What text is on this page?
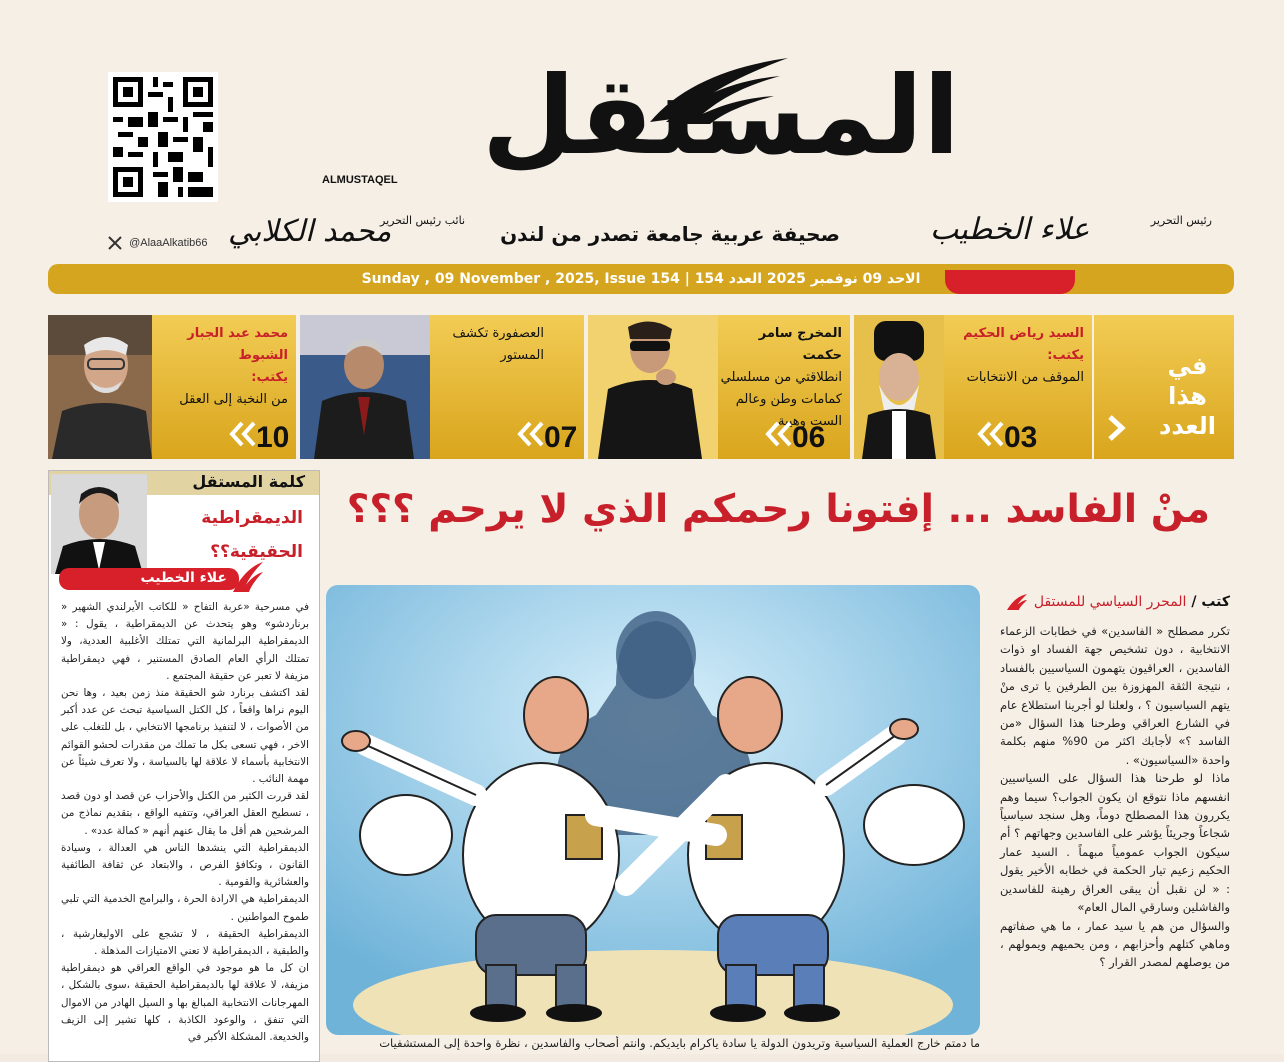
المستقل
ALMUSTAQEL
رئيس التحرير
علاء الخطيب
نائب رئيس التحرير
محمد الكلابي	صحيفة عربية جامعة تصدر من لندن
@AlaaAlkatib66
Sunday , 09 November , 2025, Issue 154 | الاحد 09 نوفمبر 2025 العدد 154
في
هذا
العدد
السيد رياض الحكيم يكتب:
الموقف من الانتخابات
03
المخرج سامر حكمت
انطلاقتي من مسلسلي كمامات وطن وعالم الست وهيبة.
06
العصفورة تكشف المستور
07
محمد عبد الجبار الشبوط
يكتب:
من النخبة إلى العقل
10
كلمة المستقل
الديمقراطية
الحقيقية؟؟
علاء الخطيب

في مسرحية «عربة التفاح « للكاتب الأيرلندي الشهير « برناردشو» وهو يتحدث عن الديمقراطية ، يقول : « الديمقراطية البرلمانية التي تمتلك الأغلبية العددية، ولا تمتلك الرأي العام الصادق المستنير ، فهي ديمقراطية مزيفة لا تعبر عن حقيقة المجتمع .

لقد اكتشف برنارد شو الحقيقة منذ زمن بعيد ، وها نحن اليوم نراها واقعاً ، كل الكتل السياسية تبحث عن عدد أكبر من الأصوات ، لا لتنفيذ برنامجها الانتخابي ، بل للتغلب على الاخر ، فهي تسعى بكل ما تملك من مقدرات لحشو القوائم الانتخابية بأسماء لا علاقة لها بالسياسة ، ولا تعرف شيئاً عن مهمة النائب .

لقد قررت الكثير من الكتل والأحزاب عن قصد او دون قصد ، تسطيح العقل العراقي، وتتفيه الواقع ، بتقديم نماذج من المرشحين هم أقل ما يقال عنهم أنهم « كمالة عدد» .

الديمقراطية التي ينشدها الناس هي العدالة ، وسيادة القانون ، وتكافؤ الفرص ، والابتعاد عن ثقافة الطائفية والعشائرية والقومية .

الديمقراطية هي الارادة الحرة ، والبرامج الخدمية التي تلبي طموح المواطنين .

الديمقراطية الحقيقة ، لا تشجع على الاوليغارشية ، والطبقية ، الديمقراطية لا تعني الامتيازات المذهلة .

ان كل ما هو موجود في الواقع العراقي هو ديمقراطية مزيفة، لا علاقة لها بالديمقراطية الحقيقة ،سوى بالشكل ، المهرجانات الانتخابية المبالغ بها و السيل الهادر من الاموال التي تنفق ، والوعود الكاذبة ، كلها تشير إلى الزيف والخديعة. المشكلة الأكبر في

منْ الفاسد ... إفتونا رحمكم الذي لا يرحم ؟؟؟
كتب / المحرر السياسي للمستقل

تكرر مصطلح « الفاسدين» في خطابات الزعماء الانتخابية ، دون تشخيص جهة الفساد او ذوات الفاسدين ، العراقيون يتهمون السياسيين بالفساد ، نتيجة الثقة المهزوزة بين الطرفين يا ترى منْ يتهم السياسيون ؟ ، ولعلنا لو أجرينا استطلاع عام في الشارع العراقي وطرحنا هذا السؤال «من الفاسد ؟» لأجابك اكثر من 90% منهم بكلمة واحدة «السياسيون» .

ماذا لو طرحنا هذا السؤال على السياسيين انفسهم ماذا نتوقع ان يكون الجواب؟ سيما وهم يكررون هذا المصطلح دوماً، وهل سنجد سياسياً شجاعاً وجريئاً يؤشر على الفاسدين وجهاتهم ؟ أم سيكون الجواب عمومياً مبهماً . السيد عمار الحكيم زعيم تيار الحكمة في خطابه الأخير يقول : « لن نقبل أن يبقى العراق رهينة للفاسدين والفاشلين وسارقي المال العام»

والسؤال من هم يا سيد عمار ، ما هي صفاتهم وماهي كتلهم وأحزابهم ، ومن يحميهم ويمولهم ، من يوصلهم لمصدر القرار ؟

ما دمتم خارج العملية السياسية وتريدون الدولة يا سادة ياكرام بايديكم. وانتم أصحاب والفاسدين ، نظرة واحدة إلى المستشفيات
